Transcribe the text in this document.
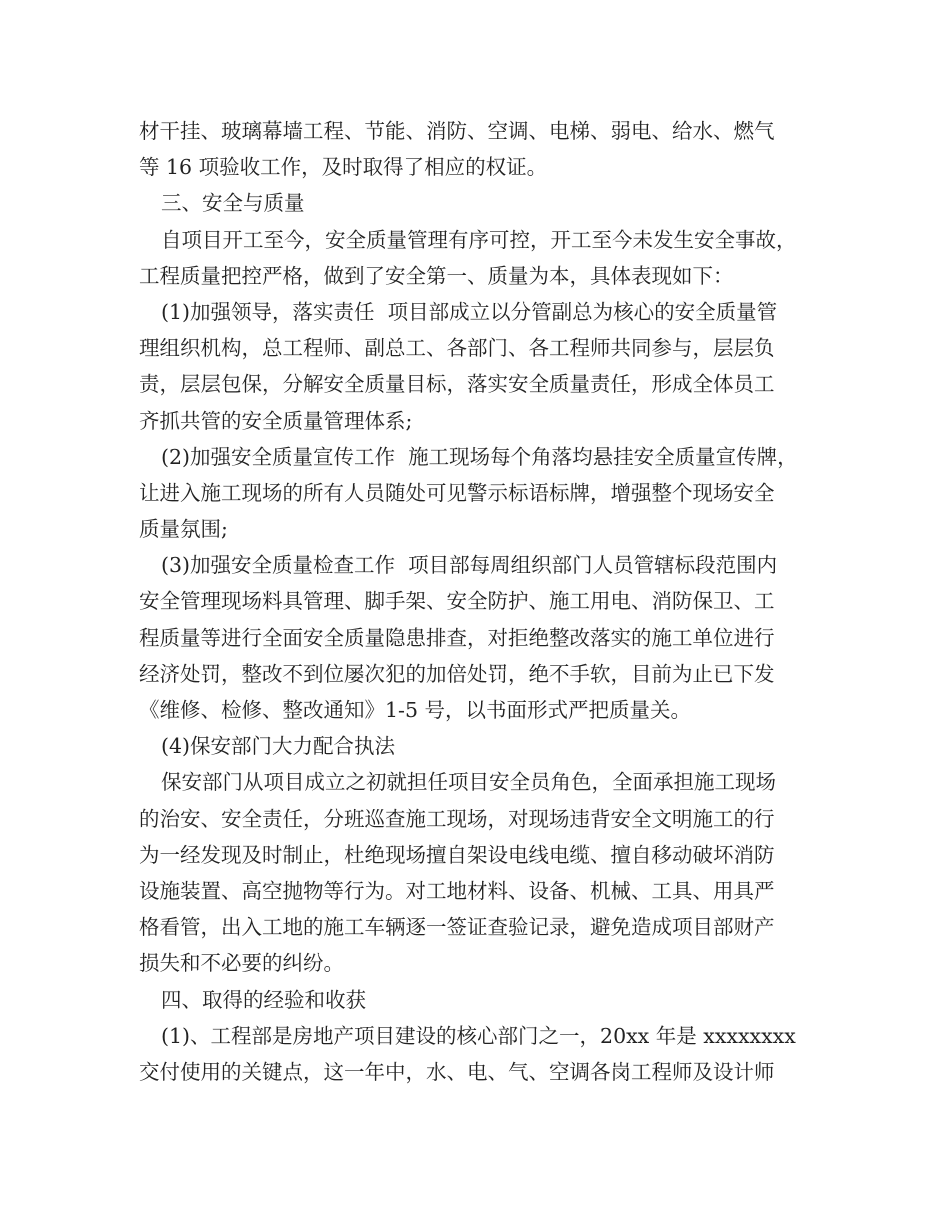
材干挂、玻璃幕墙工程、节能、消防、空调、电梯、弱电、给水、燃气
等 16 项验收工作，及时取得了相应的权证。
三、安全与质量
自项目开工至今，安全质量管理有序可控，开工至今未发生安全事故，
工程质量把控严格，做到了安全第一、质量为本，具体表现如下：
(1)加强领导，落实责任  项目部成立以分管副总为核心的安全质量管
理组织机构，总工程师、副总工、各部门、各工程师共同参与，层层负
责，层层包保，分解安全质量目标，落实安全质量责任，形成全体员工
齐抓共管的安全质量管理体系;
(2)加强安全质量宣传工作  施工现场每个角落均悬挂安全质量宣传牌，
让进入施工现场的所有人员随处可见警示标语标牌，增强整个现场安全
质量氛围;
(3)加强安全质量检查工作  项目部每周组织部门人员管辖标段范围内
安全管理现场料具管理、脚手架、安全防护、施工用电、消防保卫、工
程质量等进行全面安全质量隐患排查，对拒绝整改落实的施工单位进行
经济处罚，整改不到位屡次犯的加倍处罚，绝不手软，目前为止已下发
《维修、检修、整改通知》1-5 号，以书面形式严把质量关。
(4)保安部门大力配合执法
保安部门从项目成立之初就担任项目安全员角色，全面承担施工现场
的治安、安全责任，分班巡查施工现场，对现场违背安全文明施工的行
为一经发现及时制止，杜绝现场擅自架设电线电缆、擅自移动破坏消防
设施装置、高空抛物等行为。对工地材料、设备、机械、工具、用具严
格看管，出入工地的施工车辆逐一签证查验记录，避免造成项目部财产
损失和不必要的纠纷。
四、取得的经验和收获
(1)、工程部是房地产项目建设的核心部门之一，20xx 年是 xxxxxxxx
交付使用的关键点，这一年中，水、电、气、空调各岗工程师及设计师
